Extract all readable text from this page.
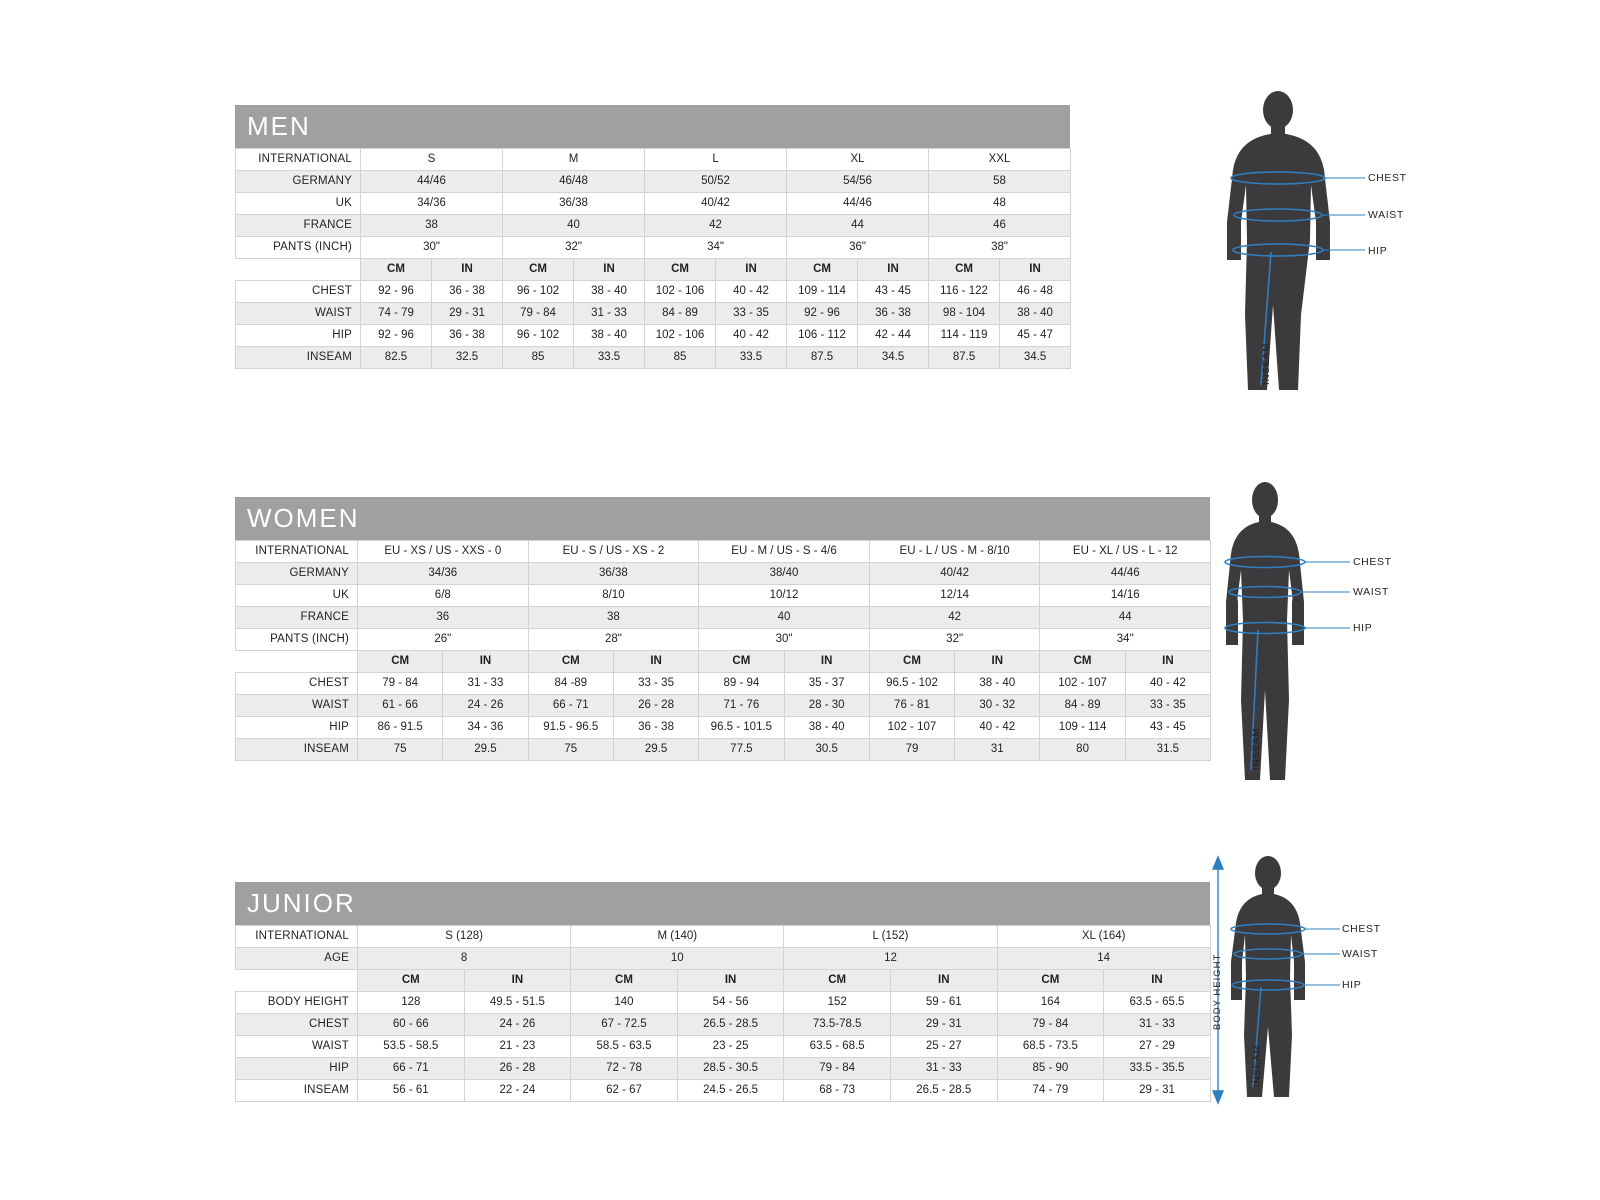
MEN
INTERNATIONAL	S		M		L		XL		XXL	
GERMANY	44/46		46/48		50/52		54/56		58	
UK	34/36		36/38		40/42		44/46		48	
FRANCE	38		40		42		44		46	
PANTS (INCH)	30"		32"		34"		36"		38"	
	CM	IN	CM	IN	CM	IN	CM	IN	CM	IN
CHEST	92 - 96	36 - 38	96 - 102	38 - 40	102 - 106	40 - 42	109 - 114	43 - 45	116 - 122	46 - 48
WAIST	74 - 79	29 - 31	79 - 84	31 - 33	84 - 89	33 - 35	92 - 96	36 - 38	98 - 104	38 - 40
HIP	92 - 96	36 - 38	96 - 102	38 - 40	102 - 106	40 - 42	106 - 112	42 - 44	114 - 119	45 - 47
INSEAM	82.5	32.5	85	33.5	85	33.5	87.5	34.5	87.5	34.5
CHEST
WAIST
HIP
INSEAM
WOMEN
INTERNATIONAL	EU - XS / US - XXS - 0		EU - S / US - XS - 2		EU - M / US - S - 4/6		EU - L / US - M - 8/10		EU - XL / US - L - 12	
GERMANY	34/36		36/38		38/40		40/42		44/46	
UK	6/8		8/10		10/12		12/14		14/16	
FRANCE	36		38		40		42		44	
PANTS (INCH)	26"		28"		30"		32"		34"	
	CM	IN	CM	IN	CM	IN	CM	IN	CM	IN
CHEST	79 - 84	31 - 33	84 -89	33 - 35	89 - 94	35 - 37	96.5 - 102	38 - 40	102 - 107	40 - 42
WAIST	61 - 66	24 - 26	66 - 71	26 - 28	71 - 76	28 - 30	76 - 81	30 - 32	84 - 89	33 - 35
HIP	86 - 91.5	34 - 36	91.5 - 96.5	36 - 38	96.5 - 101.5	38 - 40	102 - 107	40 - 42	109 - 114	43 - 45
INSEAM	75	29.5	75	29.5	77.5	30.5	79	31	80	31.5
CHEST
WAIST
HIP
INSEAM
JUNIOR
INTERNATIONAL	S (128)		M (140)		L (152)		XL (164)	
AGE	8		10		12		14	
	CM	IN	CM	IN	CM	IN	CM	IN
BODY HEIGHT	128	49.5 - 51.5	140	54 - 56	152	59 - 61	164	63.5 - 65.5
CHEST	60 - 66	24 - 26	67 - 72.5	26.5 - 28.5	73.5-78.5	29 - 31	79 - 84	31 - 33
WAIST	53.5 - 58.5	21 - 23	58.5 - 63.5	23 - 25	63.5 - 68.5	25 - 27	68.5 - 73.5	27 - 29
HIP	66 - 71	26 - 28	72 - 78	28.5 - 30.5	79 - 84	31 - 33	85 - 90	33.5 - 35.5
INSEAM	56 - 61	22 - 24	62 - 67	24.5 - 26.5	68 - 73	26.5 - 28.5	74 - 79	29 - 31
CHEST
WAIST
HIP
BODY HEIGHT
INSEAM
